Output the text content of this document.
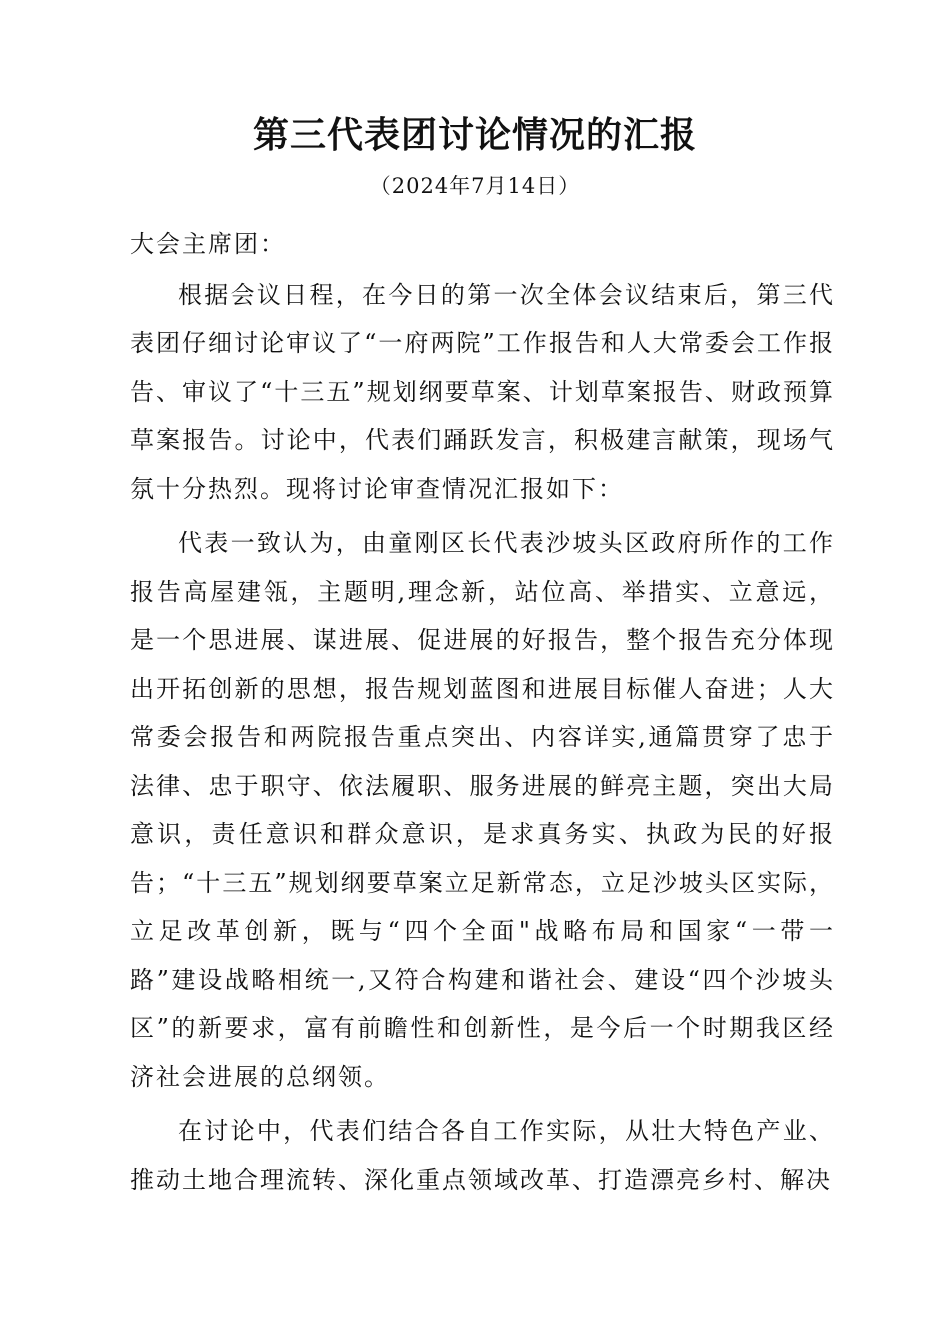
第三代表团讨论情况的汇报
（2024年7月14日）
大会主席团：

根据会议日程，在今日的第一次全体会议结束后，第三代表团仔细讨论审议了“一府两院”工作报告和人大常委会工作报告、审议了“十三五”规划纲要草案、计划草案报告、财政预算草案报告。讨论中，代表们踊跃发言，积极建言献策，现场气氛十分热烈。现将讨论审查情况汇报如下：

代表一致认为，由童刚区长代表沙坡头区政府所作的工作报告高屋建瓴，主题明,理念新，站位高、举措实、立意远，是一个思进展、谋进展、促进展的好报告，整个报告充分体现出开拓创新的思想，报告规划蓝图和进展目标催人奋进；人大常委会报告和两院报告重点突出、内容详实,通篇贯穿了忠于法律、忠于职守、依法履职、服务进展的鲜亮主题，突出大局意识，责任意识和群众意识，是求真务实、执政为民的好报告；“十三五”规划纲要草案立足新常态，立足沙坡头区实际，立足改革创新，既与“四个全面"战略布局和国家“一带一路”建设战略相统一,又符合构建和谐社会、建设“四个沙坡头区”的新要求，富有前瞻性和创新性，是今后一个时期我区经济社会进展的总纲领。

在讨论中，代表们结合各自工作实际，从壮大特色产业、推动土地合理流转、深化重点领域改革、打造漂亮乡村、解决
